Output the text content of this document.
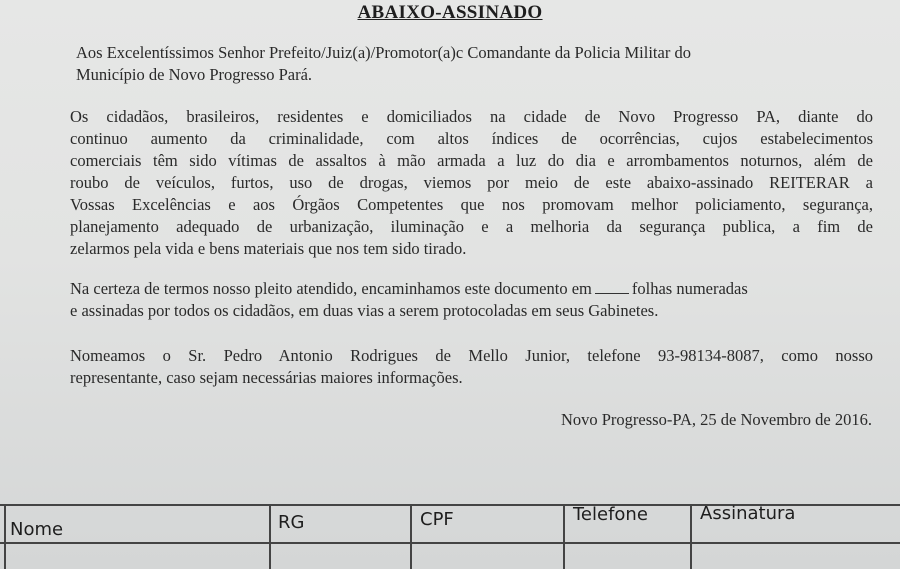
ABAIXO-ASSINADO
Aos Excelentíssimos Senhor Prefeito/Juiz(a)/Promotor(a)c Comandante da Policia Militar do
Município de Novo Progresso Pará.
Os cidadãos, brasileiros, residentes e domiciliados na cidade de Novo Progresso PA, diante do
continuo aumento da criminalidade, com altos índices de ocorrências, cujos estabelecimentos
comerciais têm sido vítimas de assaltos à mão armada a luz do dia e arrombamentos noturnos, além de
roubo de veículos, furtos, uso de drogas, viemos por meio de este abaixo-assinado REITERAR a
Vossas Excelências e aos Órgãos Competentes que nos promovam melhor policiamento, segurança,
planejamento adequado de urbanização, iluminação e a melhoria da segurança publica, a fim de
zelarmos pela vida e bens materiais que nos tem sido tirado.
Na certeza de termos nosso pleito atendido, encaminhamos este documento em folhas numeradas
e assinadas por todos os cidadãos, em duas vias a serem protocoladas em seus Gabinetes.
Nomeamos o Sr. Pedro Antonio Rodrigues de Mello Junior, telefone 93-98134-8087, como nosso
representante, caso sejam necessárias maiores informações.
Novo Progresso-PA, 25 de Novembro de 2016.
Nome	RG	CPF	Telefone	Assinatura
